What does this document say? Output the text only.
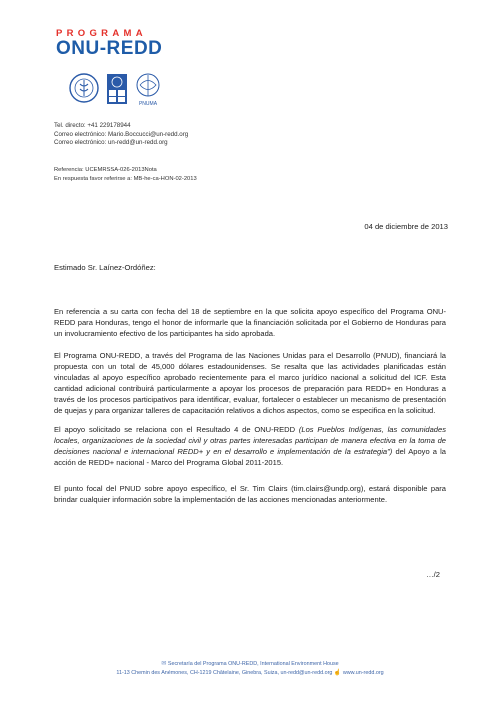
PROGRAMA
ONU-REDD
PNUMA
Tel. directo: +41 229178944
Correo electrónico: Mario.Boccucci@un-redd.org
Correo electrónico: un-redd@un-redd.org
Referencia: UCEMRSSA-026-2013Nota
En respuesta favor referirse a: MB-he-ca-HON-02-2013
04 de diciembre de 2013
Estimado Sr. Laínez-Ordóñez:
En referencia a su carta con fecha del 18 de septiembre en la que solicita apoyo específico del Programa ONU-REDD para Honduras, tengo el honor de informarle que la financiación solicitada por el Gobierno de Honduras para un involucramiento efectivo de los participantes ha sido aprobada.
El Programa ONU-REDD, a través del Programa de las Naciones Unidas para el Desarrollo (PNUD), financiará la propuesta con un total de 45,000 dólares estadounidenses. Se resalta que las actividades planificadas están vinculadas al apoyo específico aprobado recientemente para el marco jurídico nacional a solicitud del ICF. Esta cantidad adicional contribuirá particularmente a apoyar los procesos de preparación para REDD+ en Honduras a través de los procesos participativos para identificar, evaluar, fortalecer o establecer un mecanismo de presentación de quejas y para organizar talleres de capacitación relativos a dichos aspectos, como se especifica en la solicitud.
El apoyo solicitado se relaciona con el Resultado 4 de ONU-REDD (Los Pueblos Indígenas, las comunidades locales, organizaciones de la sociedad civil y otras partes interesadas participan de manera efectiva en la toma de decisiones nacional e internacional REDD+ y en el desarrollo e implementación de la estrategia") del Apoyo a la acción de REDD+ nacional - Marco del Programa Global 2011-2015.
El punto focal del PNUD sobre apoyo específico, el Sr. Tim Clairs (tim.clairs@undp.org), estará disponible para brindar cualquier información sobre la implementación de las acciones mencionadas anteriormente.
…/2
✉ Secretaría del Programa ONU-REDD, International Environment House
11-13 Chemin des Anémones, CH-1219 Châtelaine, Ginebra, Suiza, un-redd@un-redd.org ☝ www.un-redd.org
